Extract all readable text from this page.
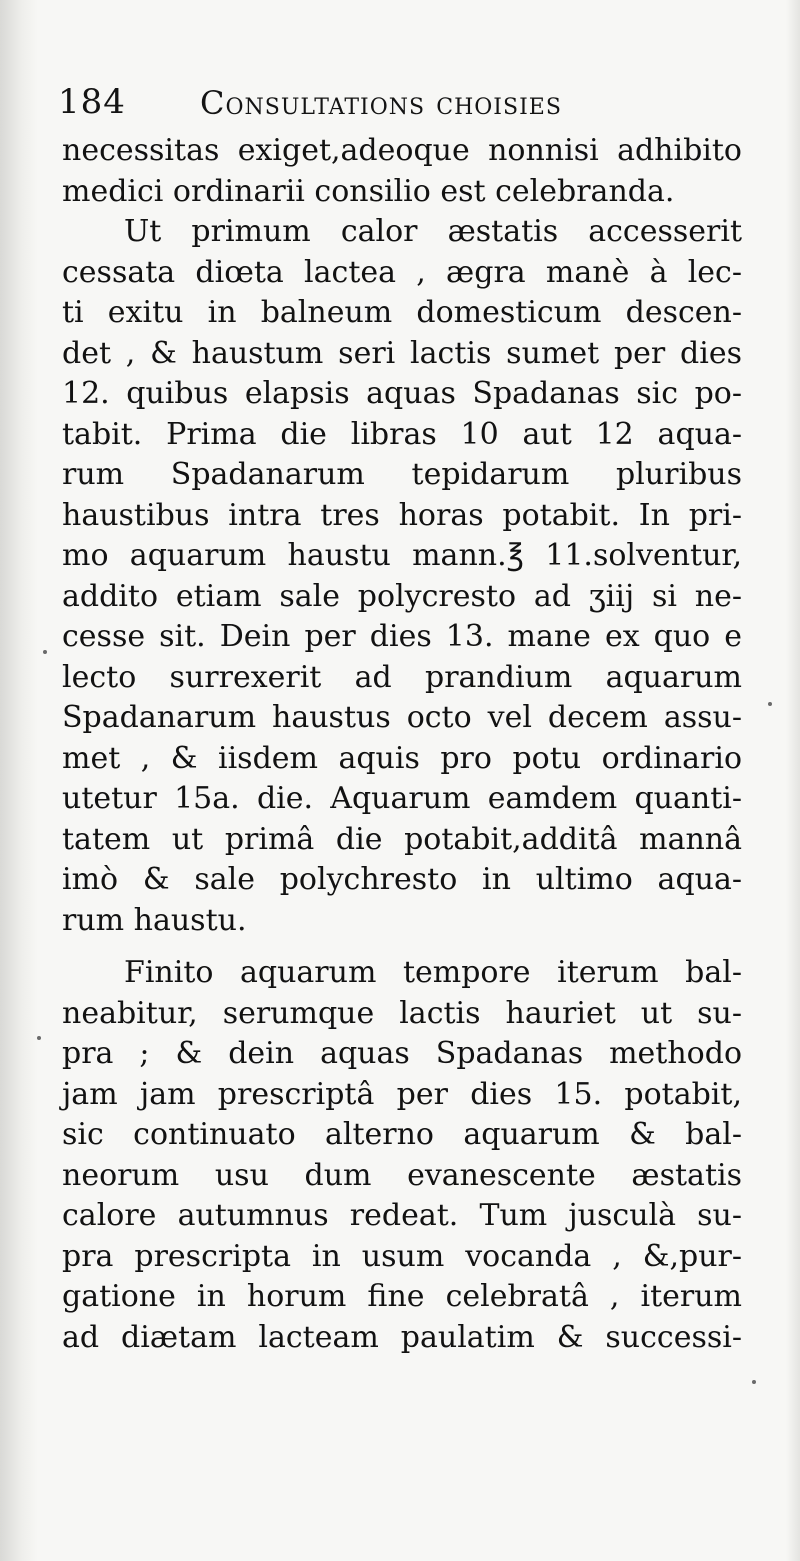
184 Consultations choisies
necessitas exiget,adeoque nonnisi adhibito
medici ordinarii consilio est celebranda.
Ut primum calor æstatis accesserit
cessata diœta lactea , ægra manè à lec-
ti exitu in balneum domesticum descen-
det , & haustum seri lactis sumet per dies
12. quibus elapsis aquas Spadanas sic po-
tabit. Prima die libras 10 aut 12 aqua-
rum Spadanarum tepidarum pluribus
haustibus intra tres horas potabit. In pri-
mo aquarum haustu mann.℥ 11.solventur,
addito etiam sale polycresto ad ʒiij si ne-
cesse sit. Dein per dies 13. mane ex quo e
lecto surrexerit ad prandium aquarum
Spadanarum haustus octo vel decem assu-
met , & iisdem aquis pro potu ordinario
utetur 15a. die. Aquarum eamdem quanti-
tatem ut primâ die potabit,additâ mannâ
imò & sale polychresto in ultimo aqua-
rum haustu.
Finito aquarum tempore iterum bal-
neabitur, serumque lactis hauriet ut su-
pra ; & dein aquas Spadanas methodo
jam jam prescriptâ per dies 15. potabit,
sic continuato alterno aquarum & bal-
neorum usu dum evanescente æstatis
calore autumnus redeat. Tum jusculà su-
pra prescripta in usum vocanda , &,pur-
gatione in horum fine celebratâ , iterum
ad diætam lacteam paulatim & successi-
